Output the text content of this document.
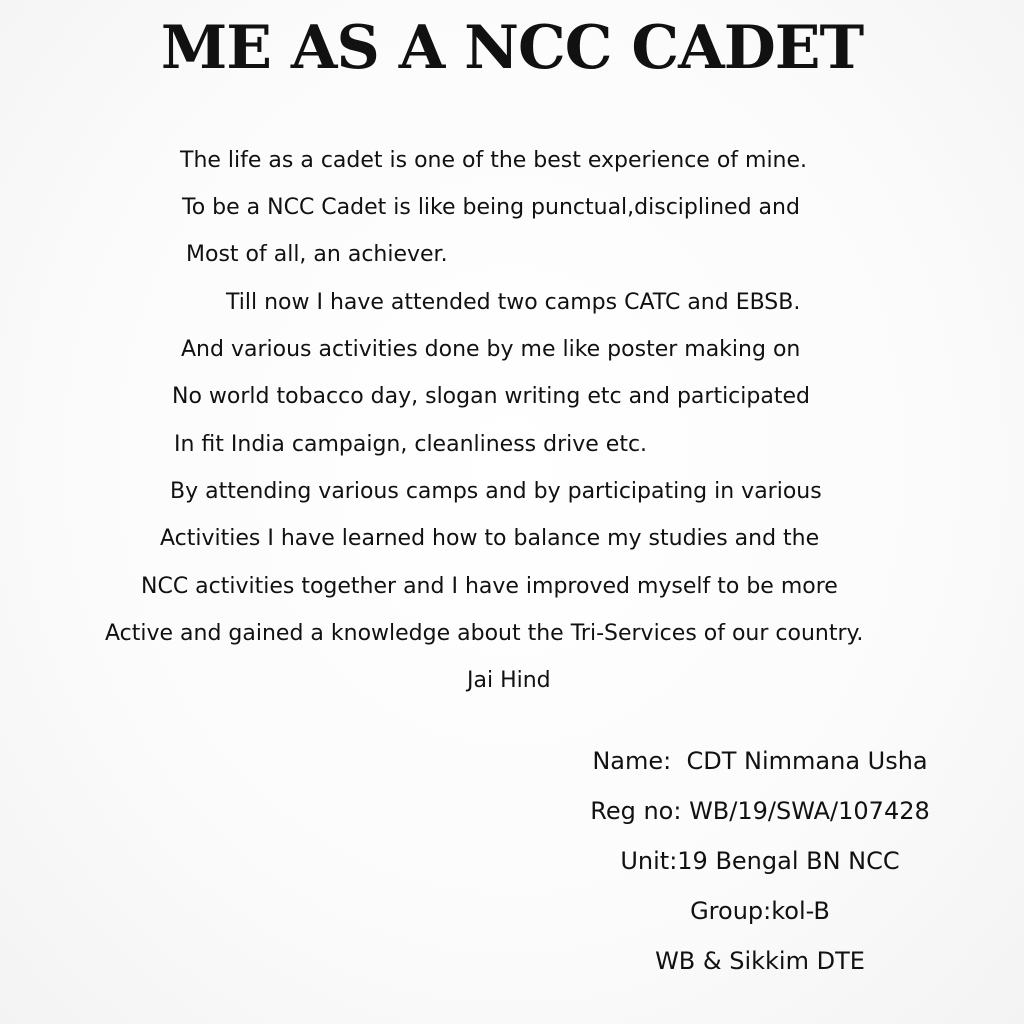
ME AS A NCC CADET
The life as a cadet is one of the best experience of mine.
To be a NCC Cadet is like being punctual,disciplined and
Most of all, an achiever.
Till now I have attended two camps CATC and EBSB.
And various activities done by me like poster making on
No world tobacco day, slogan writing etc and participated
In fit India campaign, cleanliness drive etc.
By attending various camps and by participating in various
Activities I have learned how to balance my studies and the
NCC activities together and I have improved myself to be more
Active and gained a knowledge about the Tri-Services of our country.
Jai Hind
Name:  CDT Nimmana Usha
Reg no: WB/19/SWA/107428
Unit:19 Bengal BN NCC
Group:kol-B
WB & Sikkim DTE
